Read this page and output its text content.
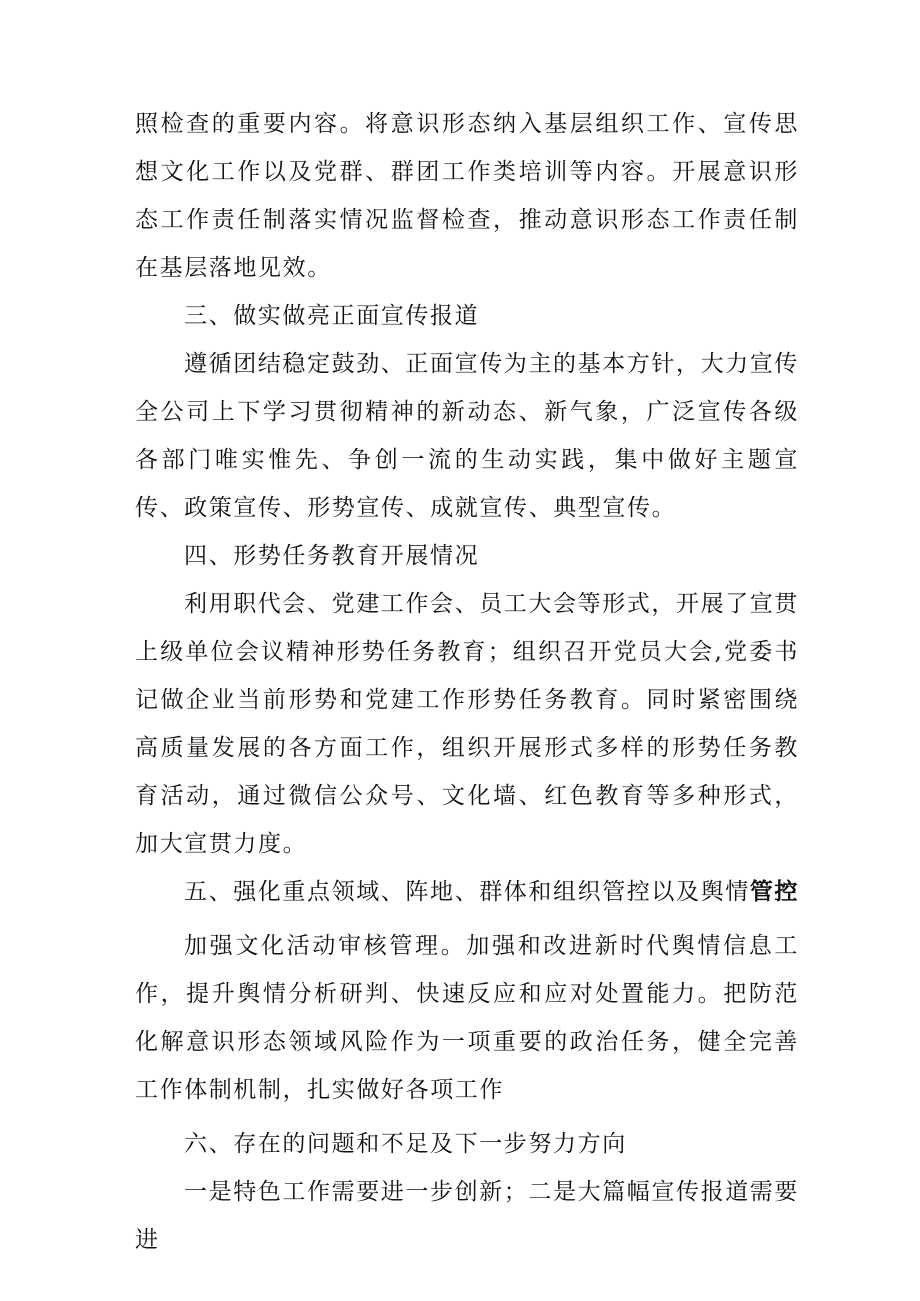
照检查的重要内容。将意识形态纳入基层组织工作、宣传思想文化工作以及党群、群团工作类培训等内容。开展意识形态工作责任制落实情况监督检查，推动意识形态工作责任制在基层落地见效。

三、做实做亮正面宣传报道

遵循团结稳定鼓劲、正面宣传为主的基本方针，大力宣传全公司上下学习贯彻精神的新动态、新气象，广泛宣传各级各部门唯实惟先、争创一流的生动实践，集中做好主题宣传、政策宣传、形势宣传、成就宣传、典型宣传。

四、形势任务教育开展情况

利用职代会、党建工作会、员工大会等形式，开展了宣贯上级单位会议精神形势任务教育；组织召开党员大会,党委书记做企业当前形势和党建工作形势任务教育。同时紧密围绕高质量发展的各方面工作，组织开展形式多样的形势任务教育活动，通过微信公众号、文化墙、红色教育等多种形式，加大宣贯力度。

五、强化重点领域、阵地、群体和组织管控以及舆情管控

加强文化活动审核管理。加强和改进新时代舆情信息工作，提升舆情分析研判、快速反应和应对处置能力。把防范化解意识形态领域风险作为一项重要的政治任务，健全完善工作体制机制，扎实做好各项工作

六、存在的问题和不足及下一步努力方向

一是特色工作需要进一步创新；二是大篇幅宣传报道需要进
